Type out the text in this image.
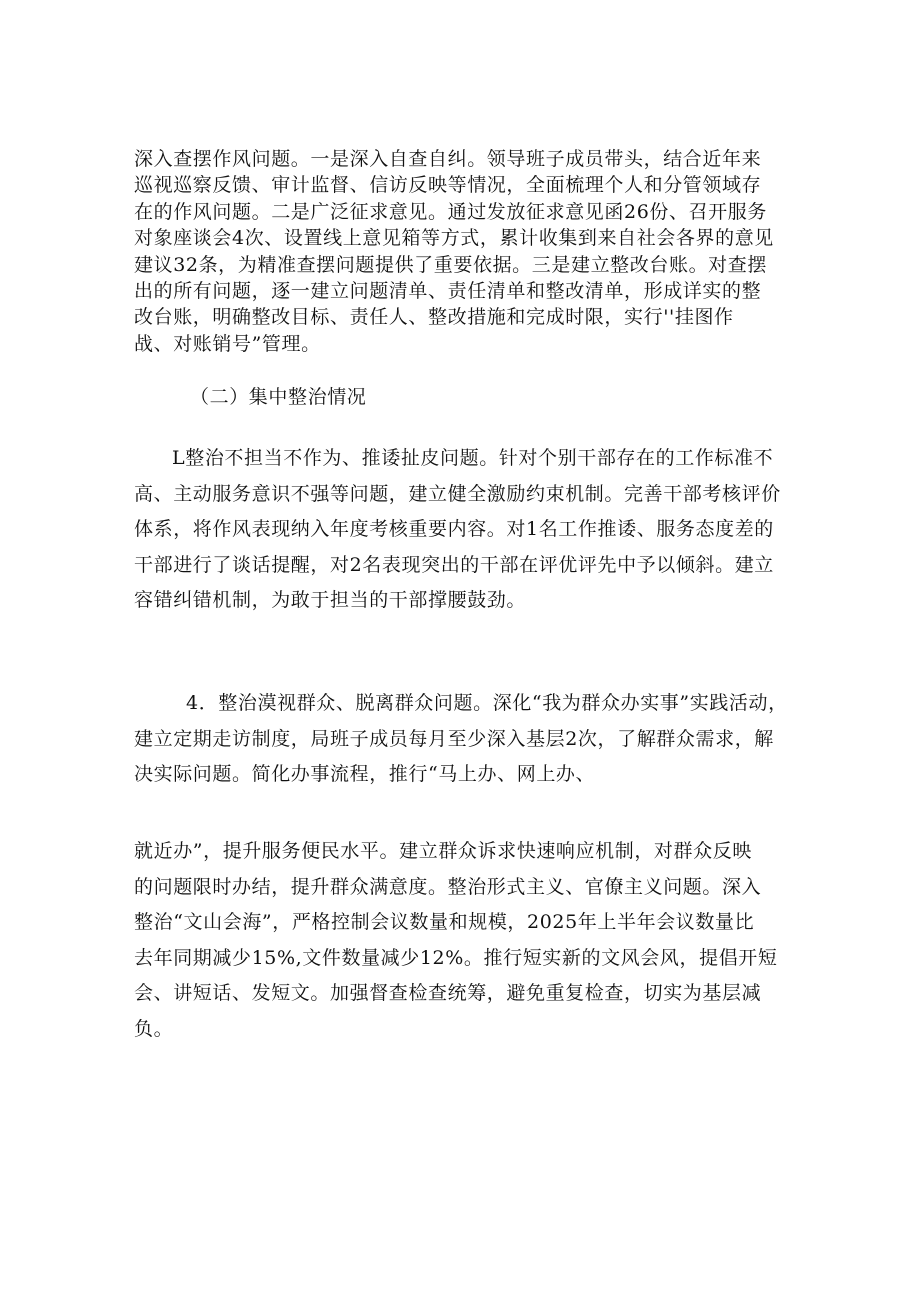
深入查摆作风问题。一是深入自查自纠。领导班子成员带头，结合近年来
巡视巡察反馈、审计监督、信访反映等情况，全面梳理个人和分管领域存
在的作风问题。二是广泛征求意见。通过发放征求意见函26份、召开服务
对象座谈会4次、设置线上意见箱等方式，累计收集到来自社会各界的意见
建议32条，为精准查摆问题提供了重要依据。三是建立整改台账。对查摆
出的所有问题，逐一建立问题清单、责任清单和整改清单，形成详实的整
改台账，明确整改目标、责任人、整改措施和完成时限，实行''挂图作
战、对账销号”管理。
（二）集中整治情况
L整治不担当不作为、推诿扯皮问题。针对个别干部存在的工作标准不
高、主动服务意识不强等问题，建立健全激励约束机制。完善干部考核评价
体系，将作风表现纳入年度考核重要内容。对1名工作推诿、服务态度差的
干部进行了谈话提醒，对2名表现突出的干部在评优评先中予以倾斜。建立
容错纠错机制，为敢于担当的干部撑腰鼓劲。
4．整治漠视群众、脱离群众问题。深化“我为群众办实事”实践活动，
建立定期走访制度，局班子成员每月至少深入基层2次，了解群众需求，解
决实际问题。简化办事流程，推行“马上办、网上办、
就近办”，提升服务便民水平。建立群众诉求快速响应机制，对群众反映
的问题限时办结，提升群众满意度。整治形式主义、官僚主义问题。深入
整治“文山会海”，严格控制会议数量和规模，2025年上半年会议数量比
去年同期减少15%,文件数量减少12%。推行短实新的文风会风，提倡开短
会、讲短话、发短文。加强督查检查统筹，避免重复检查，切实为基层减
负。
